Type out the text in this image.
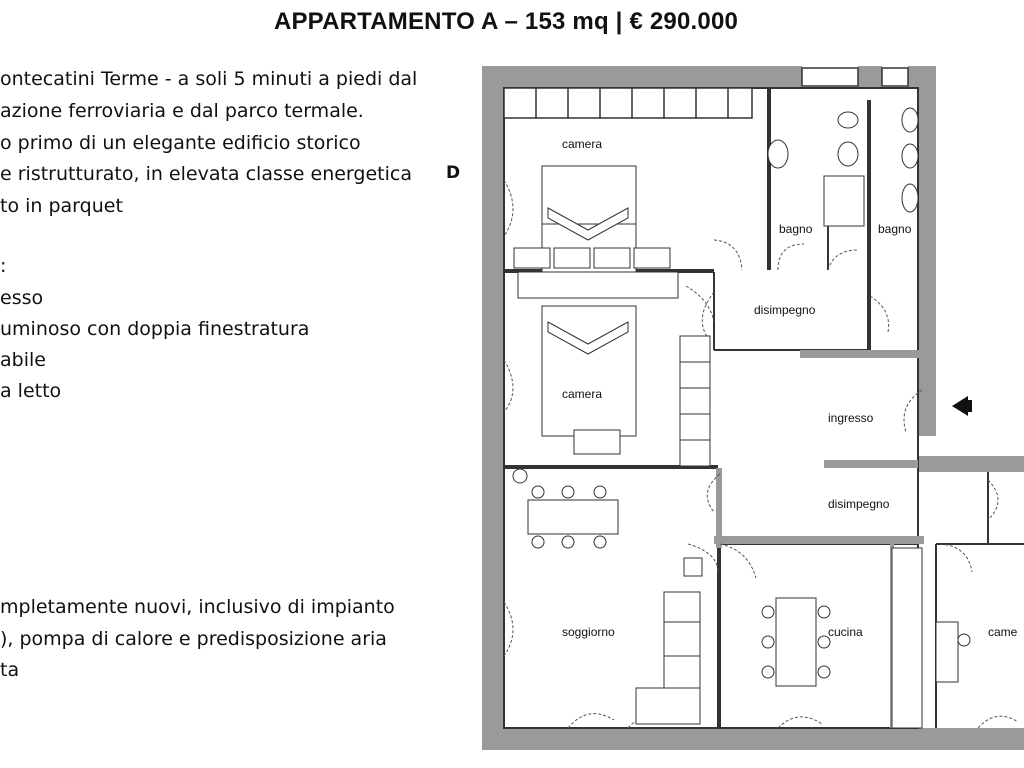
APPARTAMENTO A – 153 mq | € 290.000
ontecatini Terme - a soli 5 minuti a piedi dal
azione ferroviaria e dal parco termale.
o primo di un elegante edificio storico
e ristrutturato, in elevata classe energetica D
to in parquet
:
esso
uminoso con doppia finestratura
abile
a letto
mpletamente nuovi, inclusivo di impianto
), pompa di calore e predisposizione aria
ta
camera
camera
bagno	bagno
disimpegno
ingresso
disimpegno
soggiorno	cucina	came
